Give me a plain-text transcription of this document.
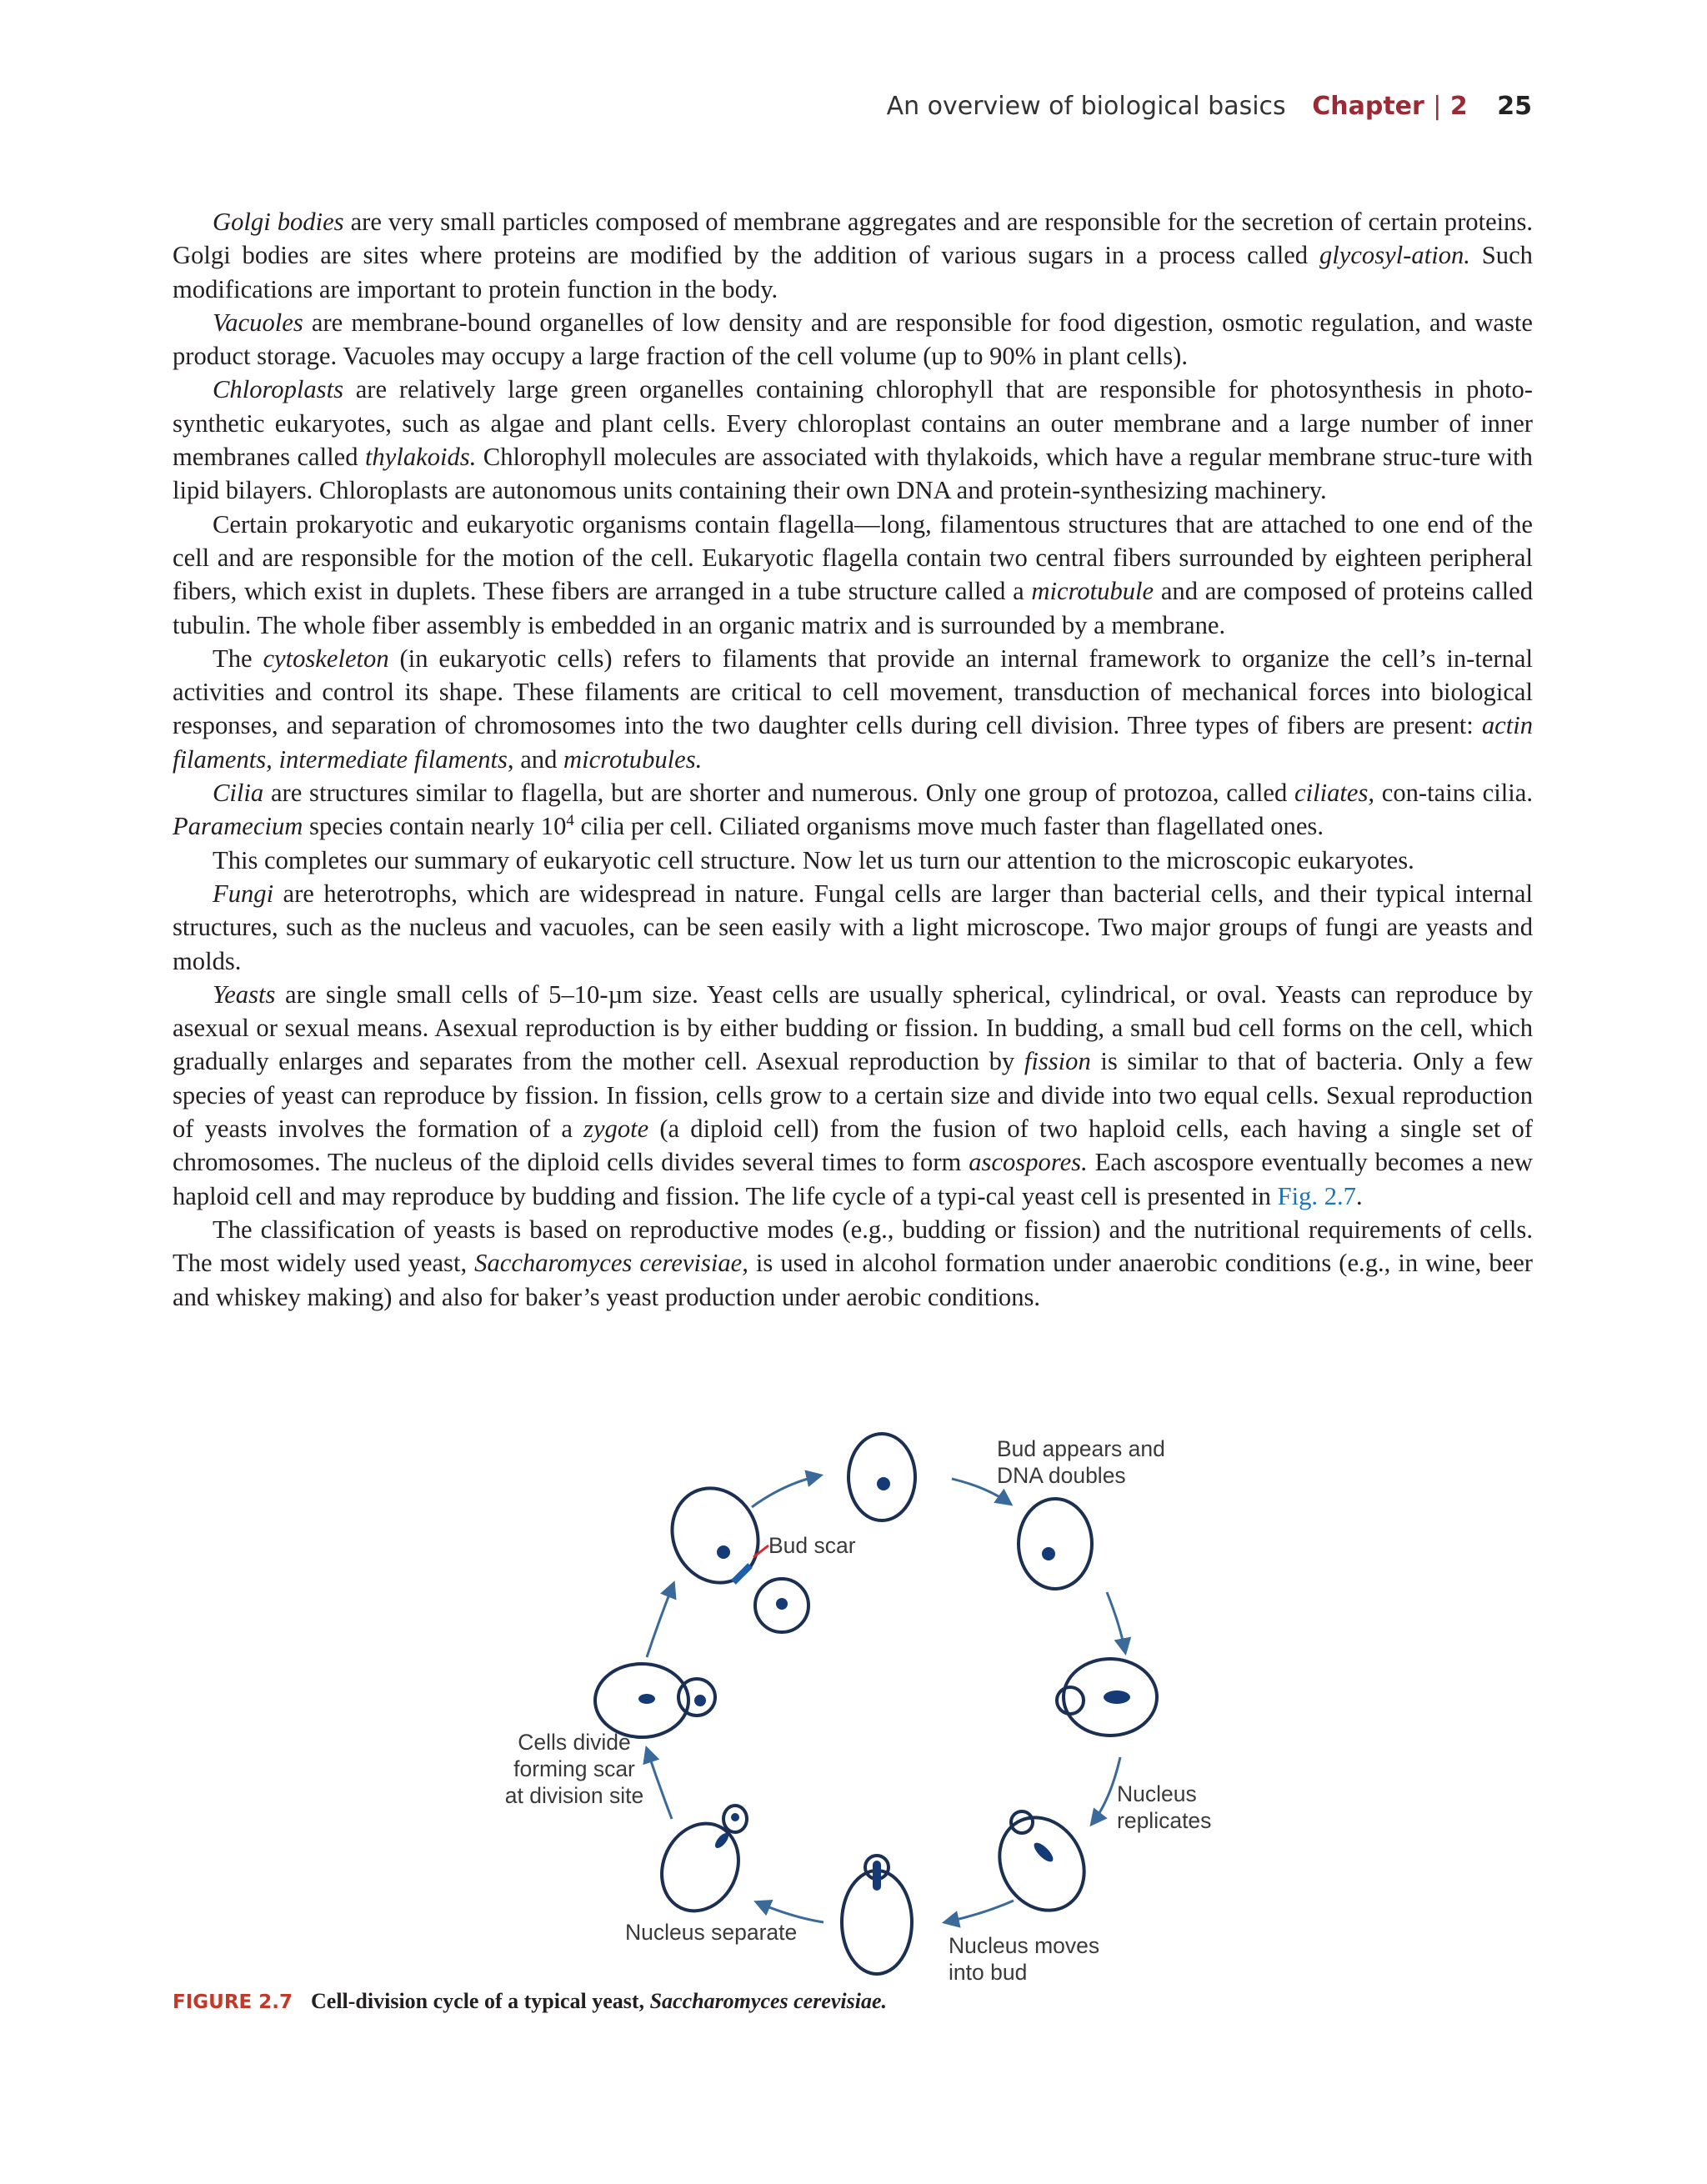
An overview of biological basics Chapter | 2 25

Golgi bodies are very small particles composed of membrane aggregates and are responsible for the secretion of certain proteins. Golgi bodies are sites where proteins are modified by the addition of various sugars in a process called glycosyl-ation. Such modifications are important to protein function in the body.

Vacuoles are membrane-bound organelles of low density and are responsible for food digestion, osmotic regulation, and waste product storage. Vacuoles may occupy a large fraction of the cell volume (up to 90% in plant cells).

Chloroplasts are relatively large green organelles containing chlorophyll that are responsible for photosynthesis in photo-synthetic eukaryotes, such as algae and plant cells. Every chloroplast contains an outer membrane and a large number of inner membranes called thylakoids. Chlorophyll molecules are associated with thylakoids, which have a regular membrane struc-ture with lipid bilayers. Chloroplasts are autonomous units containing their own DNA and protein-synthesizing machinery.

Certain prokaryotic and eukaryotic organisms contain flagella—long, filamentous structures that are attached to one end of the cell and are responsible for the motion of the cell. Eukaryotic flagella contain two central fibers surrounded by eighteen peripheral fibers, which exist in duplets. These fibers are arranged in a tube structure called a microtubule and are composed of proteins called tubulin. The whole fiber assembly is embedded in an organic matrix and is surrounded by a membrane.

The cytoskeleton (in eukaryotic cells) refers to filaments that provide an internal framework to organize the cell’s in-ternal activities and control its shape. These filaments are critical to cell movement, transduction of mechanical forces into biological responses, and separation of chromosomes into the two daughter cells during cell division. Three types of fibers are present: actin filaments, intermediate filaments, and microtubules.

Cilia are structures similar to flagella, but are shorter and numerous. Only one group of protozoa, called ciliates, con-tains cilia. Paramecium species contain nearly $10^4$ cilia per cell. Ciliated organisms move much faster than flagellated ones.

This completes our summary of eukaryotic cell structure. Now let us turn our attention to the microscopic eukaryotes.

Fungi are heterotrophs, which are widespread in nature. Fungal cells are larger than bacterial cells, and their typical internal structures, such as the nucleus and vacuoles, can be seen easily with a light microscope. Two major groups of fungi are yeasts and molds.

Yeasts are single small cells of 5–10-µm size. Yeast cells are usually spherical, cylindrical, or oval. Yeasts can reproduce by asexual or sexual means. Asexual reproduction is by either budding or fission. In budding, a small bud cell forms on the cell, which gradually enlarges and separates from the mother cell. Asexual reproduction by fission is similar to that of bacteria. Only a few species of yeast can reproduce by fission. In fission, cells grow to a certain size and divide into two equal cells. Sexual reproduction of yeasts involves the formation of a zygote (a diploid cell) from the fusion of two haploid cells, each having a single set of chromosomes. The nucleus of the diploid cells divides several times to form ascospores. Each ascospore eventually becomes a new haploid cell and may reproduce by budding and fission. The life cycle of a typi-cal yeast cell is presented in Fig. 2.7.

The classification of yeasts is based on reproductive modes (e.g., budding or fission) and the nutritional requirements of cells. The most widely used yeast, Saccharomyces cerevisiae, is used in alcohol formation under anaerobic conditions (e.g., in wine, beer and whiskey making) and also for baker’s yeast production under aerobic conditions.

Bud appears and
DNA doubles
Bud scar
Cells divide
forming scar
at division site	Nucleus
replicates
Nucleus separate
Nucleus moves
into bud
FIGURE 2.7 Cell-division cycle of a typical yeast, Saccharomyces cerevisiae.
